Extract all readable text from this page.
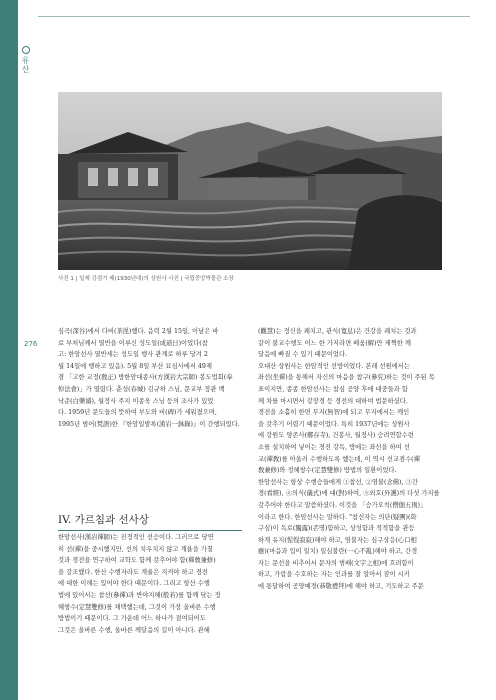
유산
사진 1 | 일제 강점기 때(1930년대)의 상원사 사진 | 국립중앙박물관 소장
276
심곡(深谷)에서 다비(茶毘)했다. 음력 2월 15일, 이날은 바
로 부처님께서 열반을 이루신 성도일(成道日)이었다(참
고: 한암선사 열반세는 성도일 행사 관계로 하루 당겨 2
월 14일에 행하고 있음). 5월 8일 부산 묘심사에서 49재
겸 「고한 교정(敎正) 방한암대종사(方漢岩大宗師) 봉도법회(奉
悼法會)」가 열렸다. 춘성(春城) 김규하 스님, 문교부 장관 백
낙준(白樂濬), 월정사 주지 이종욱 스님 등의 조사가 있었
다. 1959년 문도들의 뜻하여 부도와 비(碑)가 세워졌으며,
1995년 범어(梵語)한 『한암일발록(漢岩一鉢錄)』이 간행되었다.
IV. 가르침과 선사상
한암선사(漢岩禪師)는 진정적인 선승이다. 그러므로 당연
히 선(禪)을 중시했지만, 선의 치우치지 않고 계율을 가칠
것과 경전을 연구하여 교학도 함께 갖추어야 함(禪敎兼修)
을 강조했다. 한산 수행자라도 계율은 지켜야 하고 경전
에 대한 이해는 있어야 한다 때문이다. 그리고 항산 수행
법에 있어서는 참선(參禪)과 반야지혜(般若)를 함께 닦는 정
혜쌍수(定慧雙修)를 채택했는데, 그것이 가장 올바른 수행
방법이기 때문이다. 그 가운데 어느 하나가 결여되어도
그것은 올바른 수행, 올바른 깨달음의 길이 아니다. 관혜
(觀慧)는 정신을 쾌치고, 관식(寬息)은 건강을 쾌치는 것과
같이 불교수행도 어느 한 가지라면 배움(解)만 제쩍한 깨
달음에 빠질 수 있기 때문이었다.
오대산 상원사는 한암적인 선방이었다. 본래 선원에서는
좌선(坐禪)을 통해서 자신의 마음을 참구(參究)하는 것이 주된 목
표이지만, 종종 한암선사는 참심 공양 후에 대중들과 함
께 차를 마시면서 강장경 등 경전의 대하여 법문하셨다.
경전을 소홀히 한면 무지(無智)에 되고 무지에서는 깨인
을 갖추기 어렵기 때문이었다. 특히 1937년에는 상원사
에 강원도 양존사(鄕存寺), 건봉사, 월정사) 승려연합수련
소를 설치하여 넣어는 경전 강독, 방에는 좌선을 하여 선
교(禪敎)를 아울러 수행하도록 했는데, 이 역시 선교겸수(禪
敎兼修)와 정혜쌍수(定慧雙修) 방법의 일환이었다.
한암선사는 항상 수행승들에게 ①참선, ②염불(念佛), ③간
경(看經), ④의식(儀式)에 대(對)하여, ⑤외호(外護)의 다섯 가지를
갖추어야 한다고 말씀하셨다. 이것을 「승가오칙(僧伽五則)」
이라고 한다. 한암선사는 말하다. "참선자는 의단(疑團)(화
구심)이 독로(獨露)(존명)함하고, 상성함과 적적함을 관등
하게 유지(惺惺寂寂)해야 하고, 염불자는 심구상응(心口相
應)(마음과 입이 일치) 일심불란(一心不亂)해야 하고, 간경
자는 문선을 비추어서 문자의 범배(文字之相)에 흐려함이
하고, 가람을 수호하는 자는 인과를 잘 알아서 잠이 시키
에 통달하여 공양예경(恭敬禮拜)에 해야 하고, 기도하고 주문
